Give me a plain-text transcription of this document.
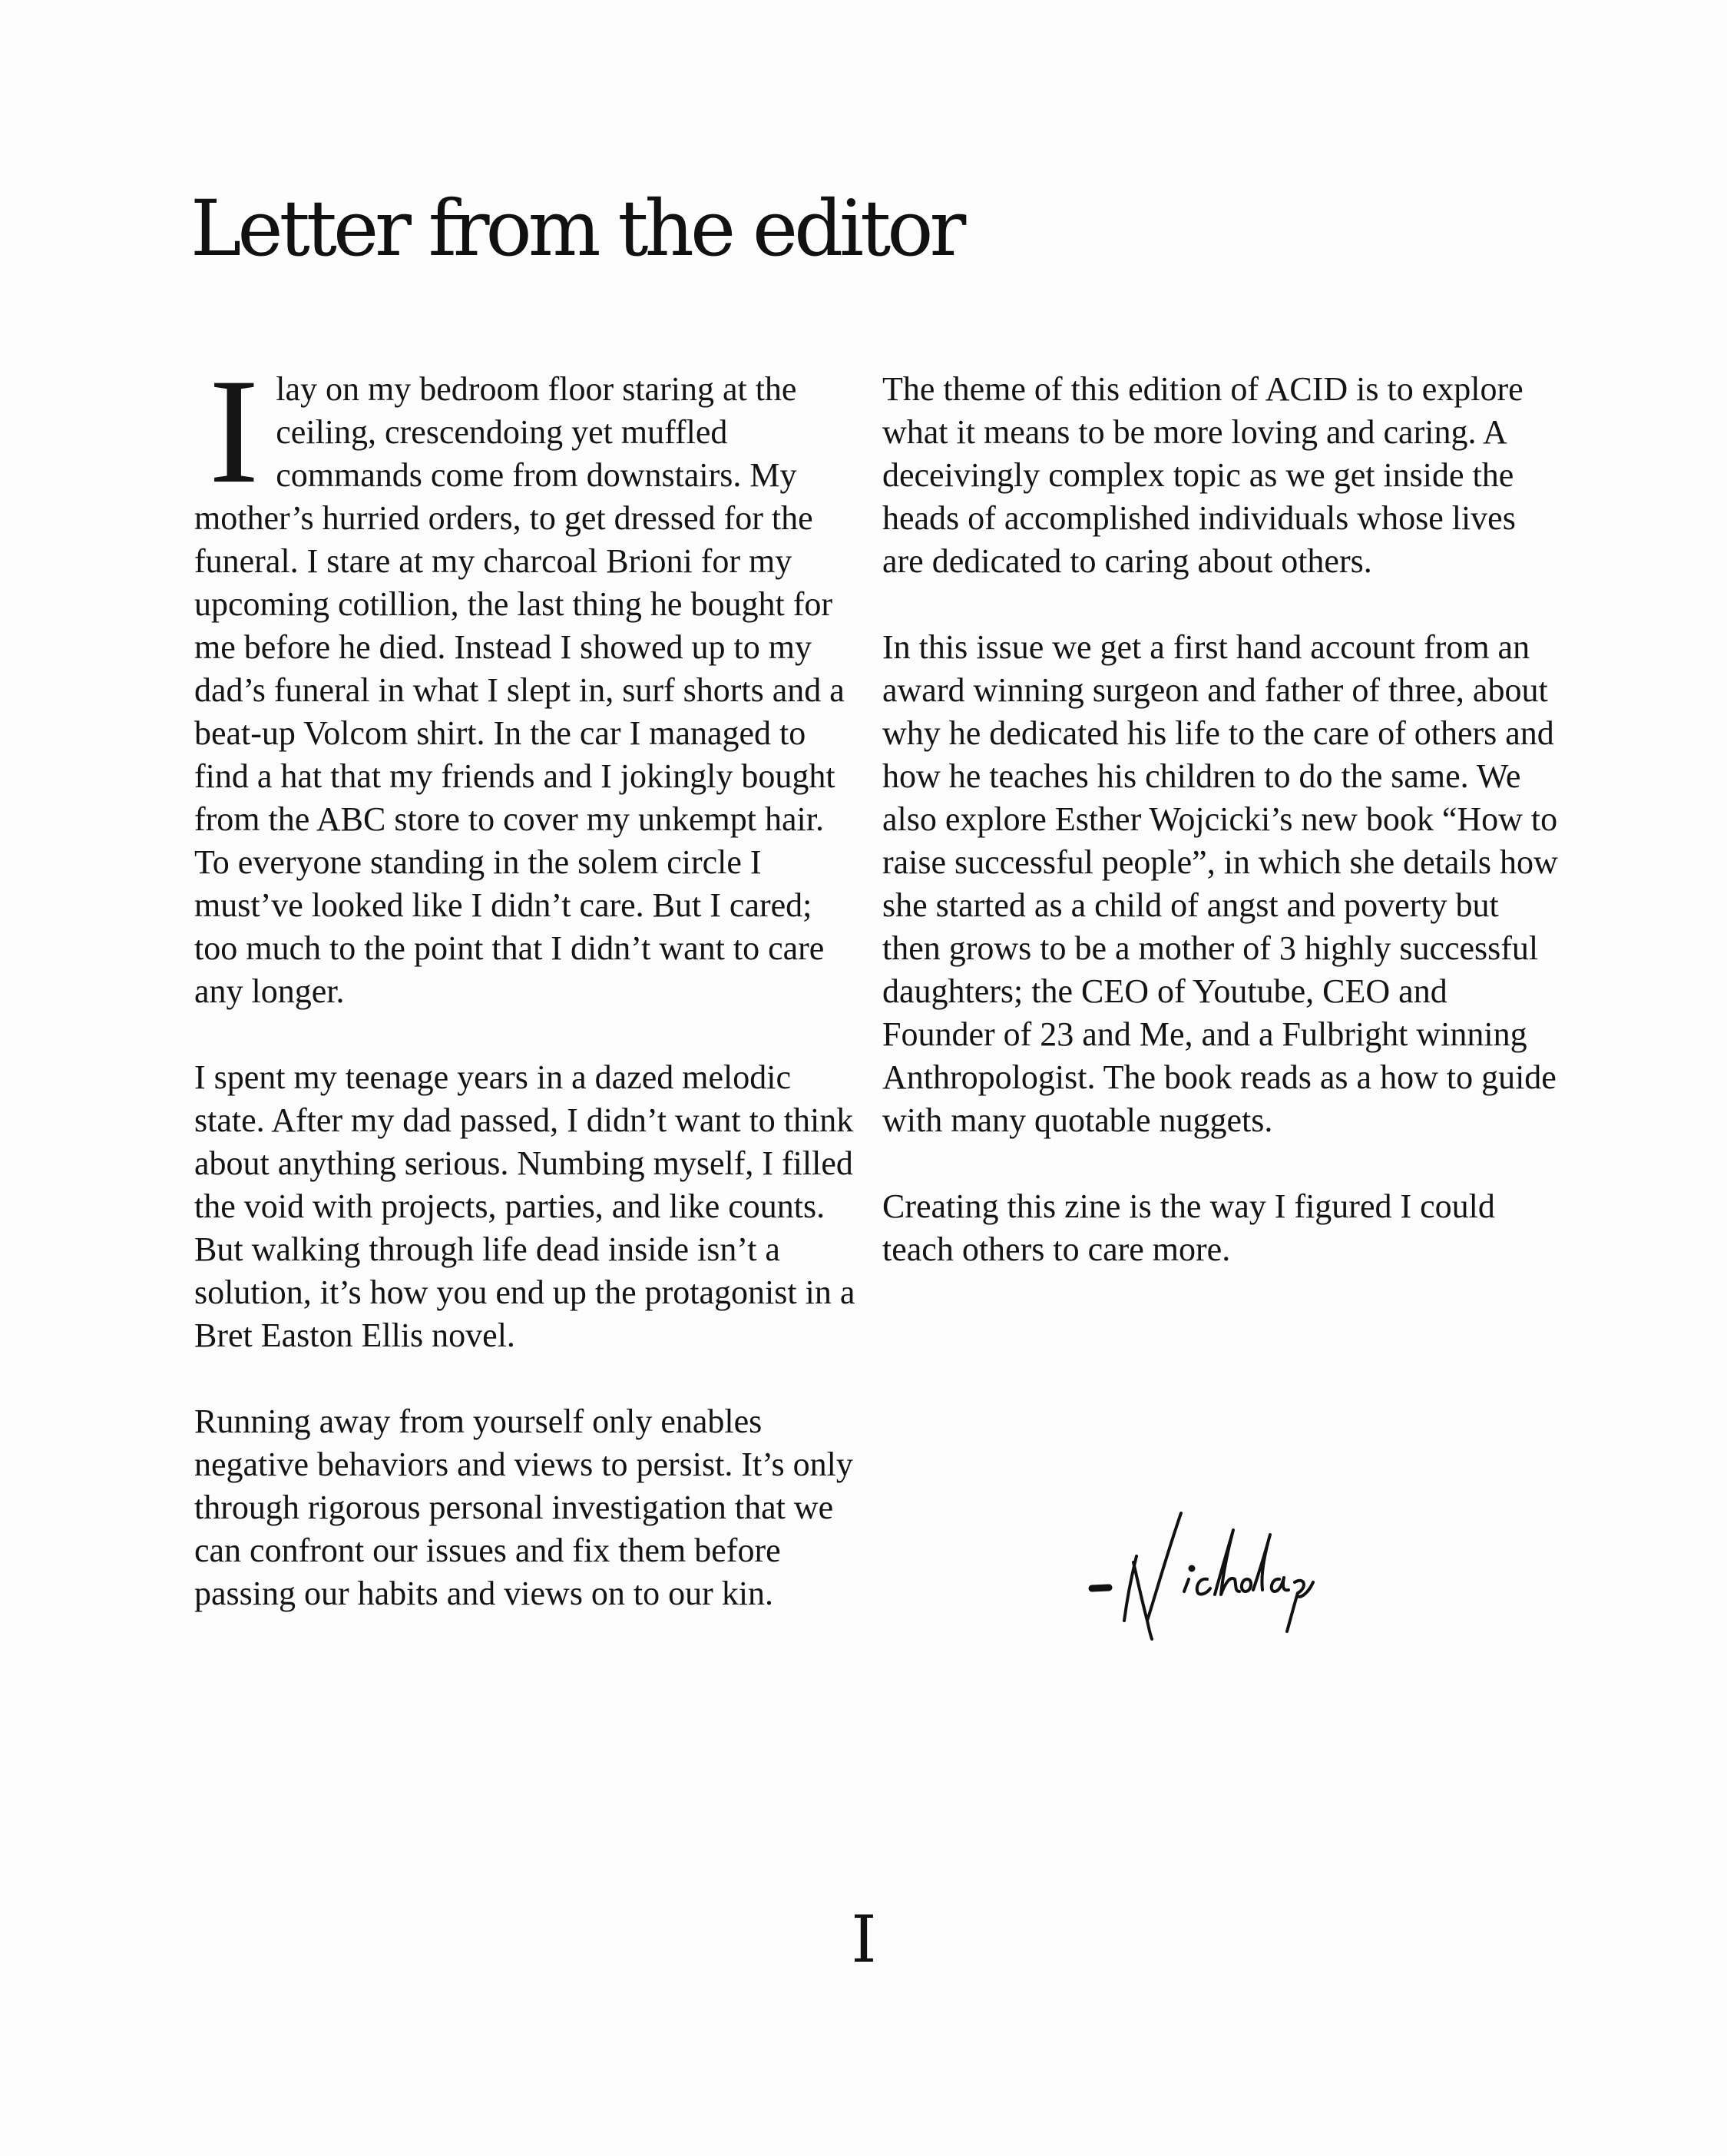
Letter from the editor

I lay on my bedroom floor staring at the ceiling, crescendoing yet muffled commands come from downstairs. My mother’s hurried orders, to get dressed for the funeral. I stare at my charcoal Brioni for my upcoming cotillion, the last thing he bought for me before he died. Instead I showed up to my dad’s funeral in what I slept in, surf shorts and a beat-up Volcom shirt. In the car I managed to find a hat that my friends and I jokingly bought from the ABC store to cover my unkempt hair. To everyone standing in the solem circle I must’ve looked like I didn’t care. But I cared; too much to the point that I didn’t want to care any longer.

I spent my teenage years in a dazed melodic state. After my dad passed, I didn’t want to think about anything serious. Numbing myself, I filled the void with projects, parties, and like counts. But walking through life dead inside isn’t a solution, it’s how you end up the protagonist in a Bret Easton Ellis novel.

Running away from yourself only enables negative behaviors and views to persist. It’s only through rigorous personal investigation that we can confront our issues and fix them before passing our habits and views on to our kin.

The theme of this edition of ACID is to explore what it means to be more loving and caring. A deceivingly complex topic as we get inside the heads of accomplished individuals whose lives are dedicated to caring about others.

In this issue we get a first hand account from an award winning surgeon and father of three, about why he dedicated his life to the care of others and how he teaches his children to do the same. We also explore Esther Wojcicki’s new book “How to raise successful people”, in which she details how she started as a child of angst and poverty but then grows to be a mother of 3 highly successful daughters; the CEO of Youtube, CEO and Founder of 23 and Me, and a Fulbright winning Anthropologist. The book reads as a how to guide with many quotable nuggets.

Creating this zine is the way I figured I could teach others to care more.

I
